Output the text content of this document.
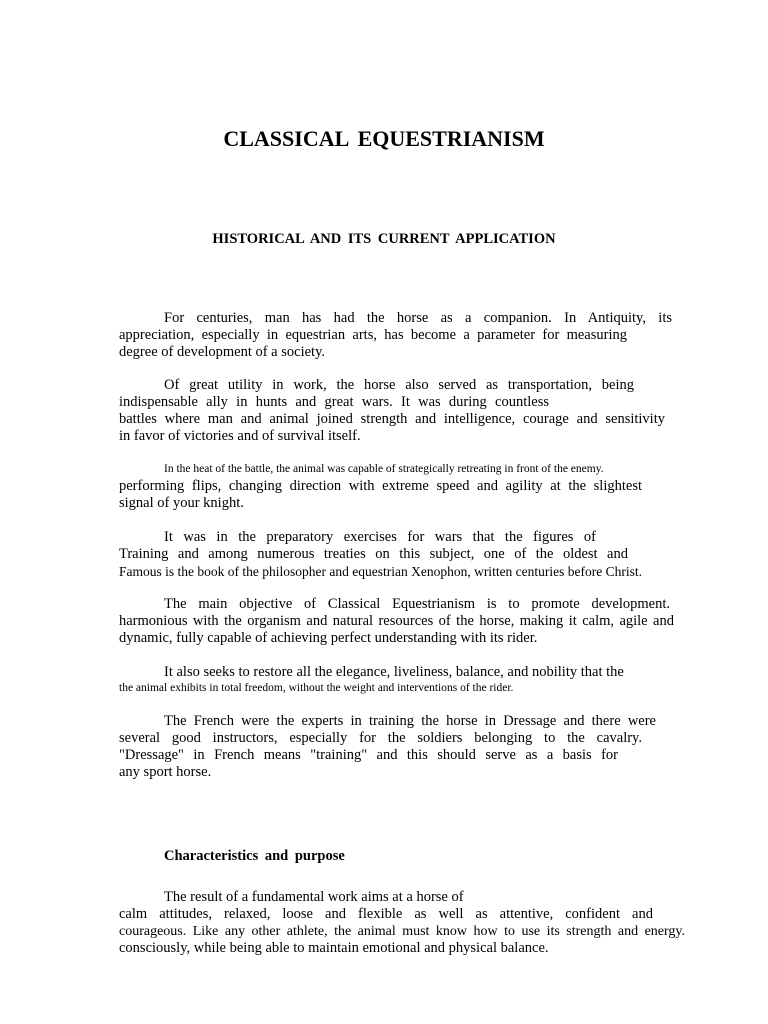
CLASSICAL EQUESTRIANISM
HISTORICAL AND ITS CURRENT APPLICATION

For centuries, man has had the horse as a companion. In Antiquity, its

appreciation, especially in equestrian arts, has become a parameter for measuring

degree of development of a society.

Of great utility in work, the horse also served as transportation, being

indispensable ally in hunts and great wars. It was during countless

battles where man and animal joined strength and intelligence, courage and sensitivity

in favor of victories and of survival itself.

In the heat of the battle, the animal was capable of strategically retreating in front of the enemy.

performing flips, changing direction with extreme speed and agility at the slightest

signal of your knight.

It was in the preparatory exercises for wars that the figures of

Training and among numerous treaties on this subject, one of the oldest and

Famous is the book of the philosopher and equestrian Xenophon, written centuries before Christ.

The main objective of Classical Equestrianism is to promote development.

harmonious with the organism and natural resources of the horse, making it calm, agile and

dynamic, fully capable of achieving perfect understanding with its rider.

It also seeks to restore all the elegance, liveliness, balance, and nobility that the

the animal exhibits in total freedom, without the weight and interventions of the rider.

The French were the experts in training the horse in Dressage and there were

several good instructors, especially for the soldiers belonging to the cavalry.

"Dressage" in French means "training" and this should serve as a basis for

any sport horse.

Characteristics and purpose

The result of a fundamental work aims at a horse of

calm attitudes, relaxed, loose and flexible as well as attentive, confident and

courageous. Like any other athlete, the animal must know how to use its strength and energy.

consciously, while being able to maintain emotional and physical balance.
